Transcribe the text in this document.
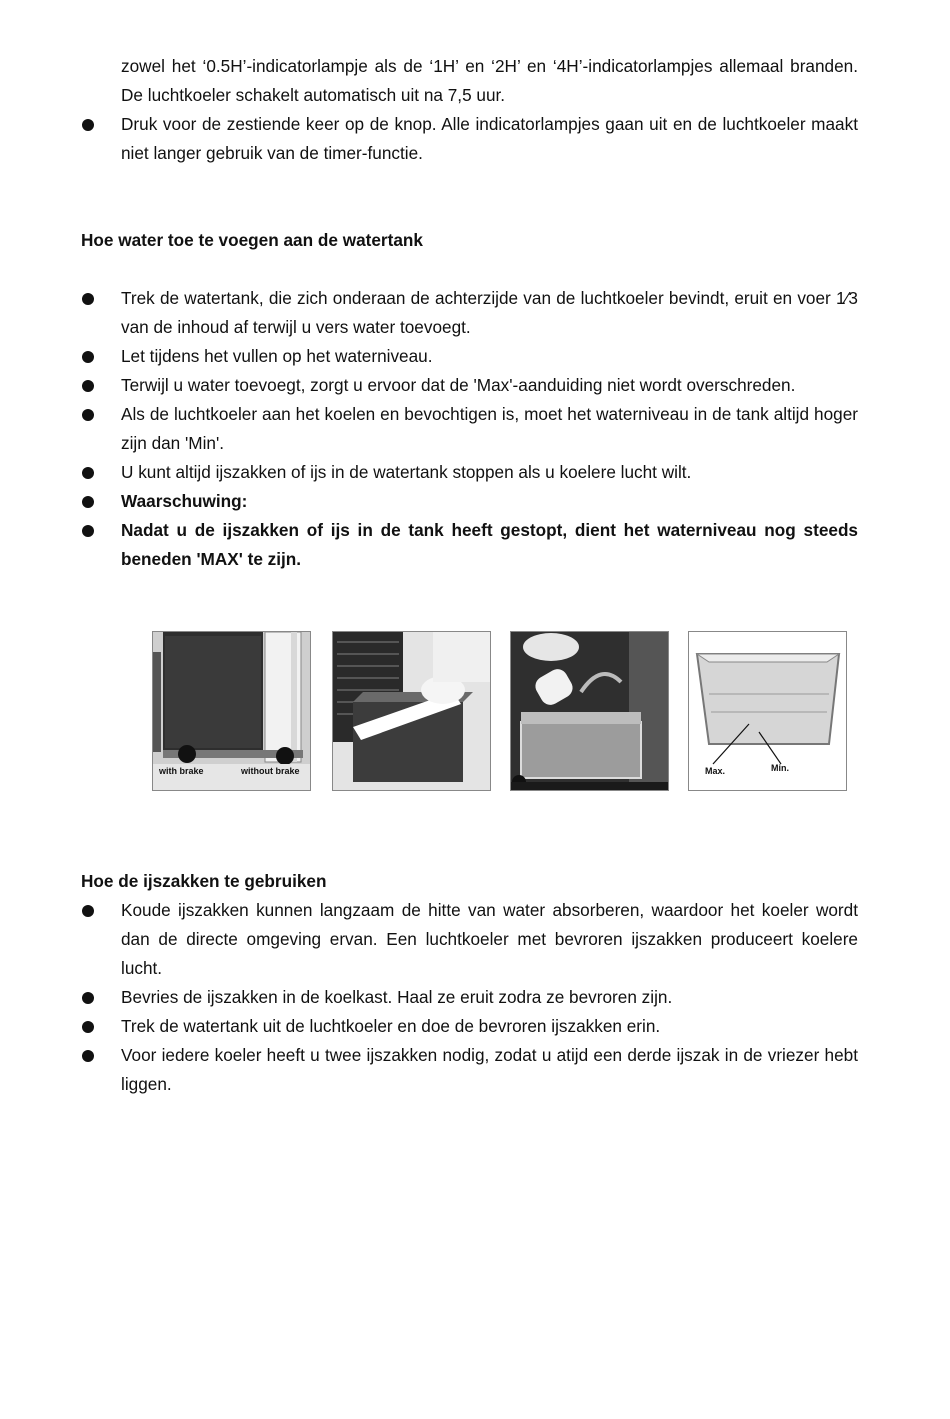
zowel het ‘0.5H’-indicatorlampje als de ‘1H’ en ‘2H’ en ‘4H’-indicatorlampjes allemaal branden. De luchtkoeler schakelt automatisch uit na 7,5 uur.
Druk voor de zestiende keer op de knop. Alle indicatorlampjes gaan uit en de luchtkoeler maakt niet langer gebruik van de timer-functie.
Hoe water toe te voegen aan de watertank
Trek de watertank, die zich onderaan de achterzijde van de luchtkoeler bevindt, eruit en voer 1⁄3 van de inhoud af terwijl u vers water toevoegt.
Let tijdens het vullen op het waterniveau.
Terwijl u water toevoegt, zorgt u ervoor dat de 'Max'-aanduiding niet wordt overschreden.
Als de luchtkoeler aan het koelen en bevochtigen is, moet het waterniveau in de tank altijd hoger zijn dan 'Min'.
U kunt altijd ijszakken of ijs in de watertank stoppen als u koelere lucht wilt.
Waarschuwing:
Nadat u de ijszakken of ijs in de tank heeft gestopt, dient het waterniveau nog steeds beneden 'MAX' te zijn.
with brake	without brake	Max.	Min.
Hoe de ijszakken te gebruiken
Koude ijszakken kunnen langzaam de hitte van water absorberen, waardoor het koeler wordt dan de directe omgeving ervan. Een luchtkoeler met bevroren ijszakken produceert koelere lucht.
Bevries de ijszakken in de koelkast. Haal ze eruit zodra ze bevroren zijn.
Trek de watertank uit de luchtkoeler en doe de bevroren ijszakken erin.
Voor iedere koeler heeft u twee ijszakken nodig, zodat u atijd een derde ijszak in de vriezer hebt liggen.
